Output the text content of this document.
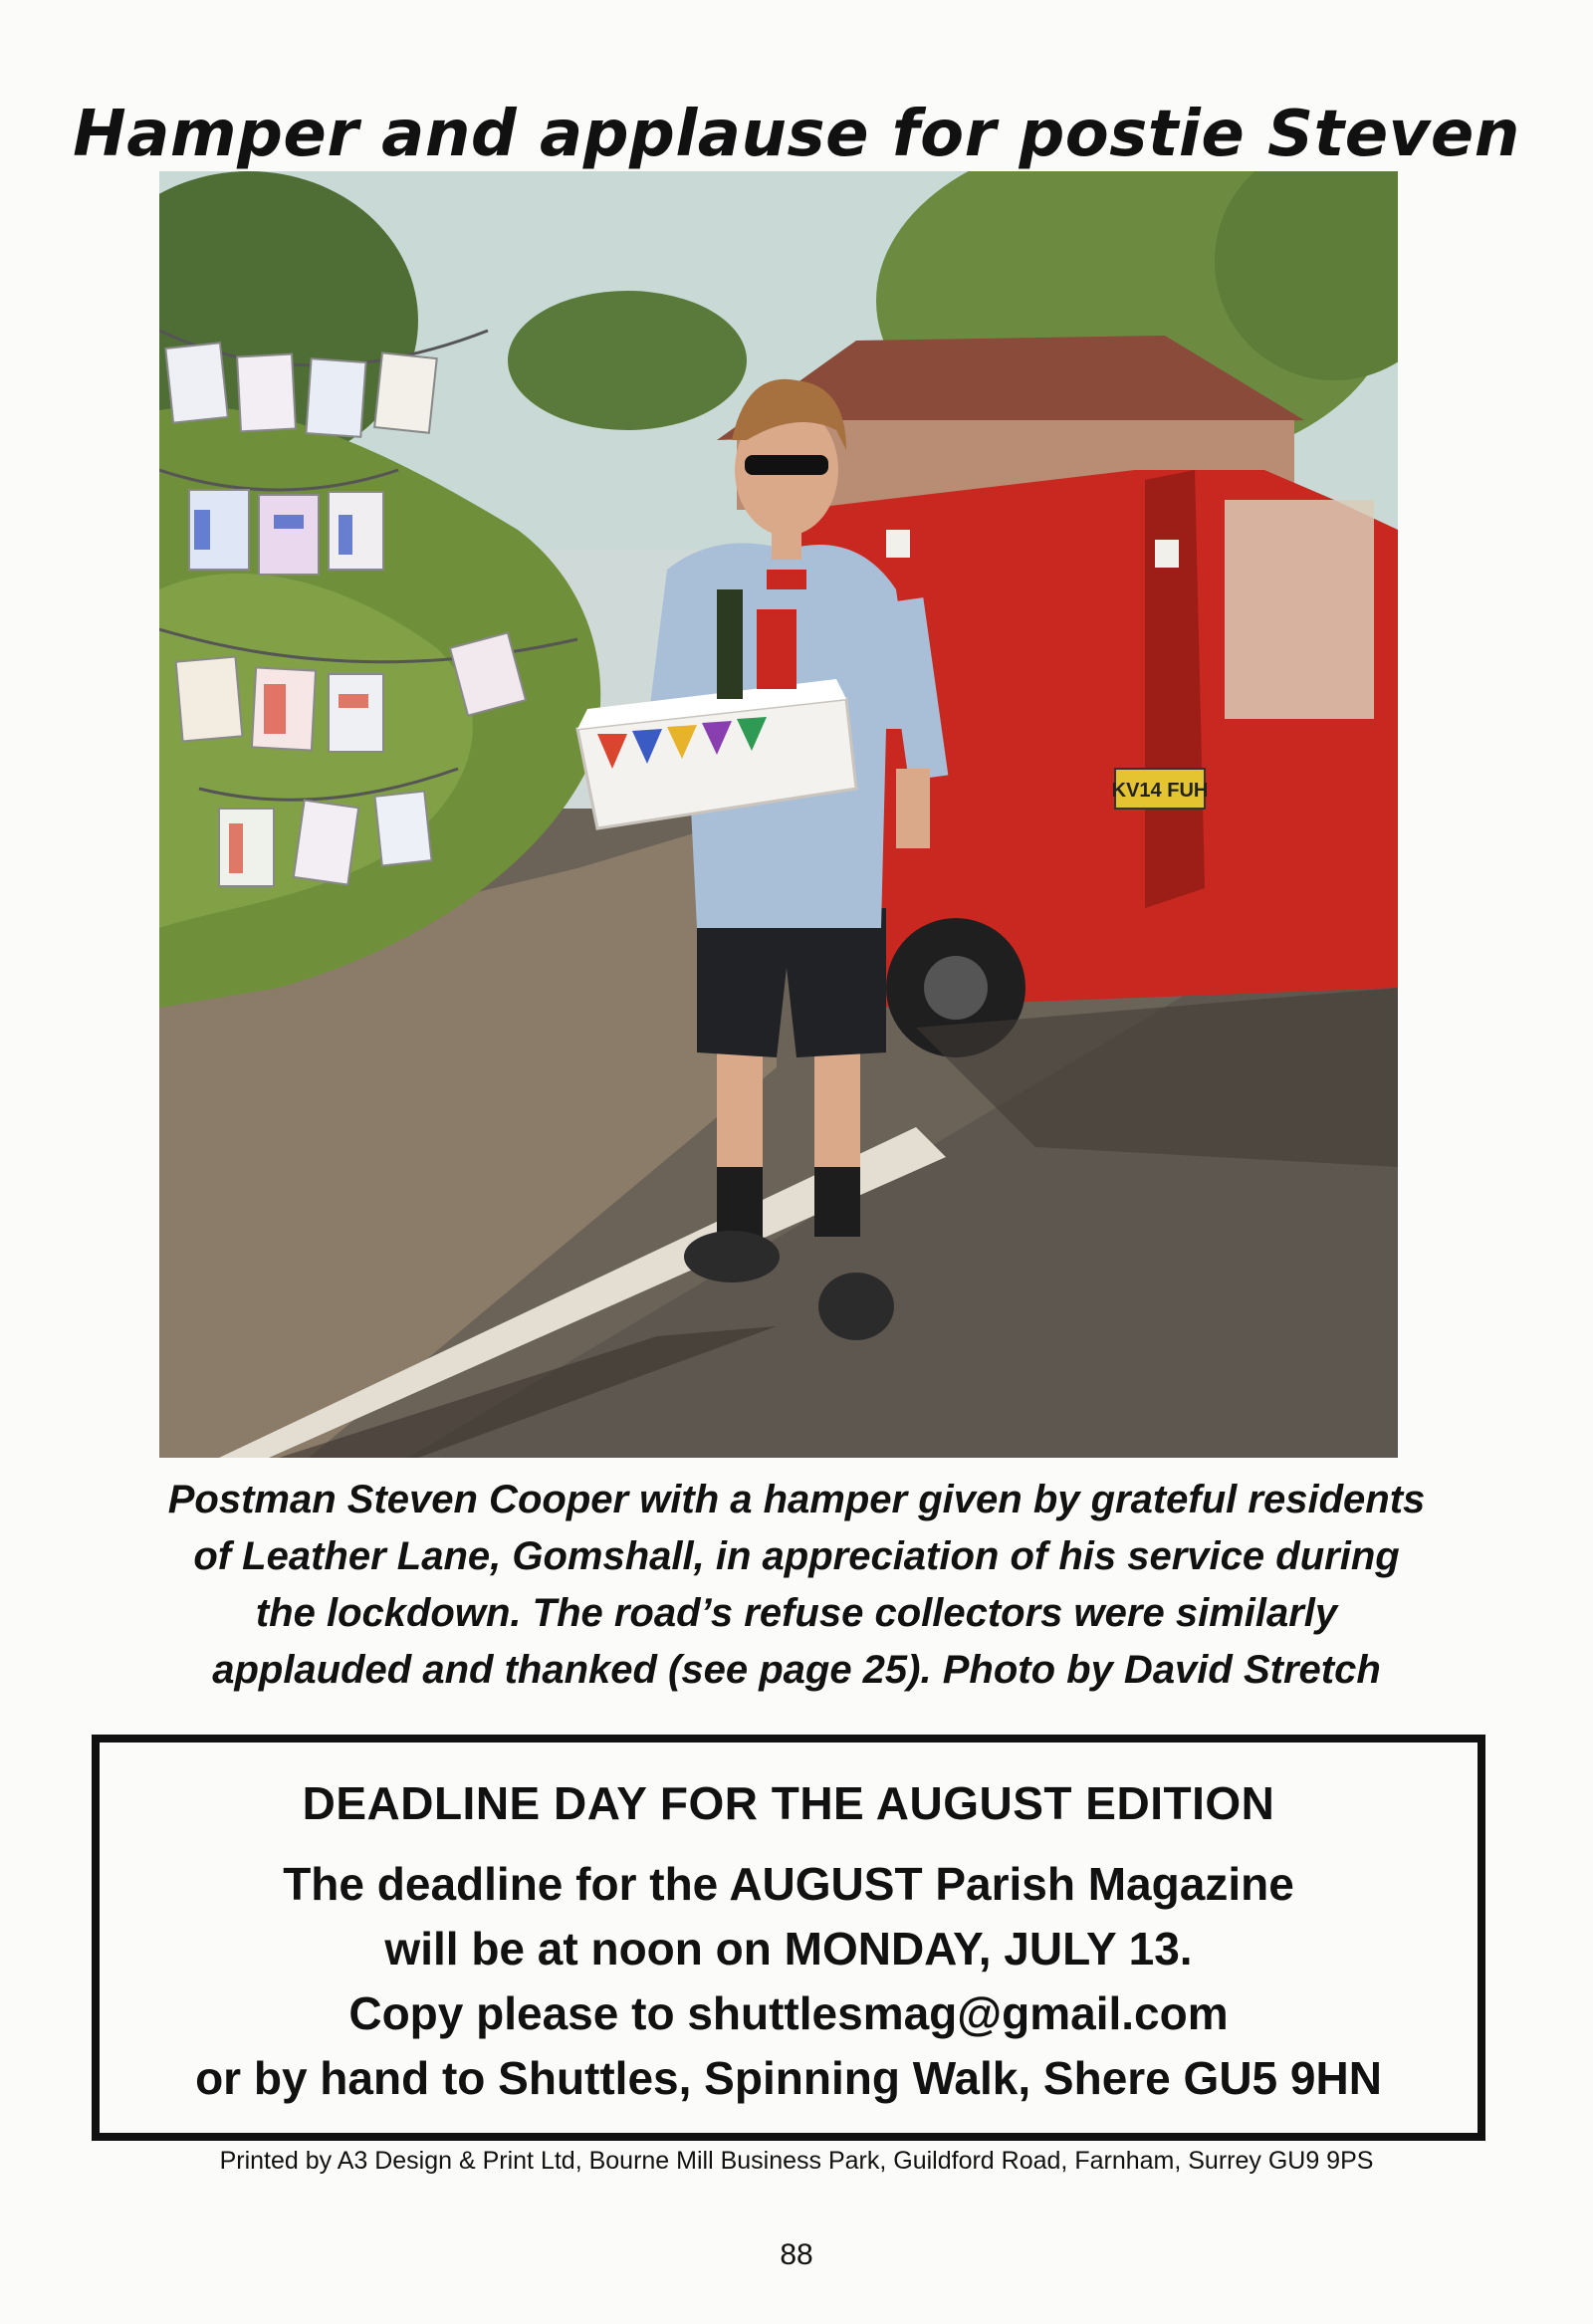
Hamper and applause for postie Steven
KV14 FUH
Postman Steven Cooper with a hamper given by grateful residents
of Leather Lane, Gomshall, in appreciation of his service during
the lockdown. The road’s refuse collectors were similarly
applauded and thanked (see page 25). Photo by David Stretch
DEADLINE DAY FOR THE AUGUST EDITION
The deadline for the AUGUST Parish Magazine
will be at noon on MONDAY, JULY 13.
Copy please to shuttlesmag@gmail.com
or by hand to Shuttles, Spinning Walk, Shere GU5 9HN
Printed by A3 Design & Print Ltd, Bourne Mill Business Park, Guildford Road, Farnham, Surrey GU9 9PS
88
